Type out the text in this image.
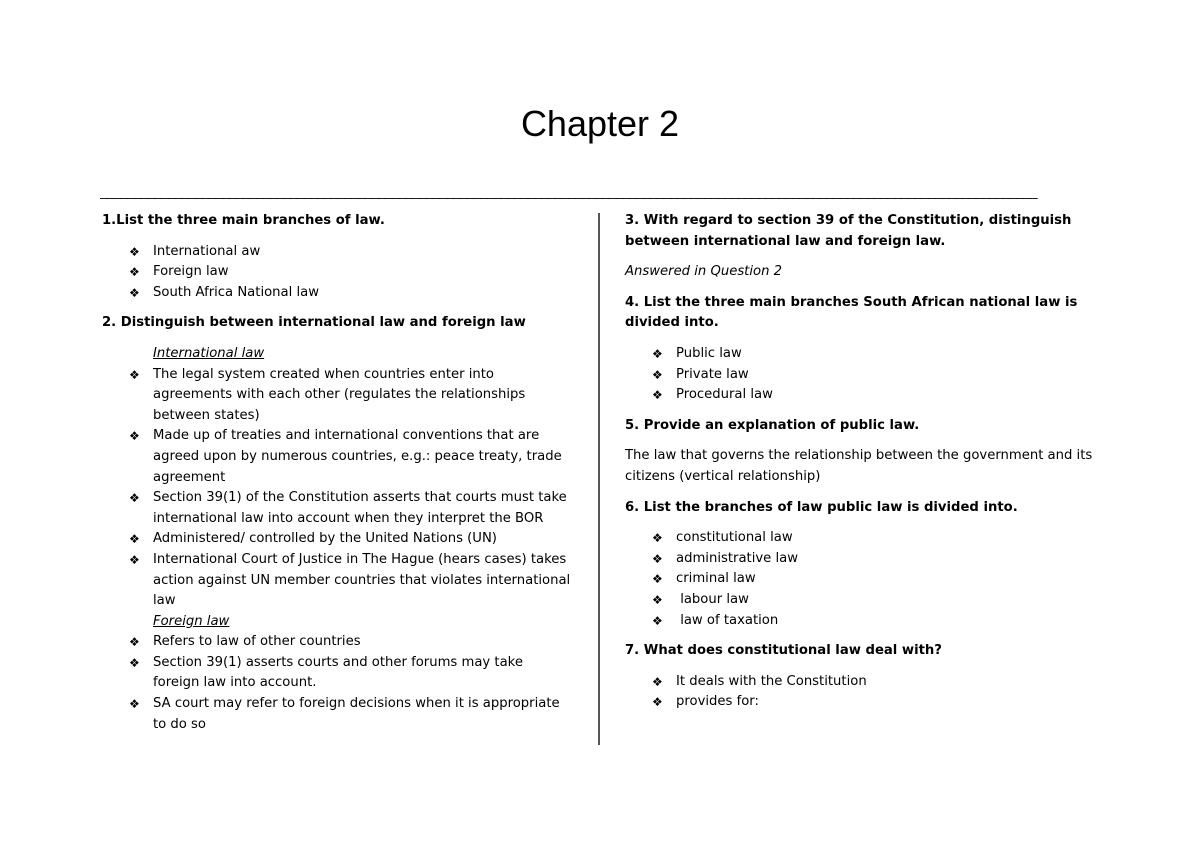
Chapter 2
__________________________________________________________________________________________________________________________________________
1.List the three main branches of law.
❖ International aw
❖ Foreign law
❖ South Africa National law
2. Distinguish between international law and foreign law
International law
❖ The legal system created when countries enter into agreements with each other (regulates the relationships between states)
❖ Made up of treaties and international conventions that are agreed upon by numerous countries, e.g.: peace treaty, trade agreement
❖ Section 39(1) of the Constitution asserts that courts must take international law into account when they interpret the BOR
❖ Administered/ controlled by the United Nations (UN)
❖ International Court of Justice in The Hague (hears cases) takes action against UN member countries that violates international law
Foreign law
❖ Refers to law of other countries
❖ Section 39(1) asserts courts and other forums may take foreign law into account.
❖ SA court may refer to foreign decisions when it is appropriate to do so
3. With regard to section 39 of the Constitution, distinguish between international law and foreign law.
Answered in Question 2
4. List the three main branches South African national law is divided into.
❖ Public law
❖ Private law
❖ Procedural law
5. Provide an explanation of public law.
The law that governs the relationship between the government and its citizens (vertical relationship)
6. List the branches of law public law is divided into.
❖ constitutional law
❖ administrative law
❖ criminal law
❖ labour law
❖ law of taxation
7. What does constitutional law deal with?
❖ It deals with the Constitution
❖ provides for:
